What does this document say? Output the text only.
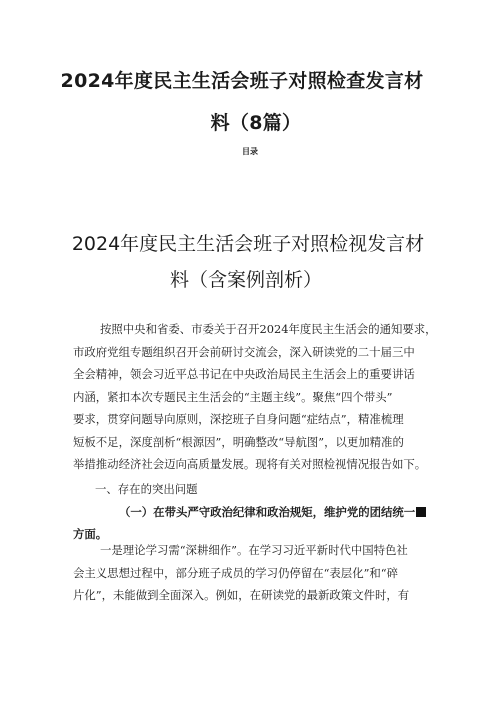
2024年度民主生活会班子对照检查发言材
料（8篇）
目录
2024年度民主生活会班子对照检视发言材
料（含案例剖析）

按照中央和省委、市委关于召开2024年度民主生活会的通知要求，
市政府党组专题组织召开会前研讨交流会，深入研读党的二十届三中
全会精神，领会习近平总书记在中央政治局民主生活会上的重要讲话
内涵，紧扣本次专题民主生活会的“主题主线”。聚焦“四个带头”
要求，贯穿问题导向原则，深挖班子自身问题“症结点”，精准梳理
短板不足，深度剖析“根源因”，明确整改“导航图”，以更加精准的
举措推动经济社会迈向高质量发展。现将有关对照检视情况报告如下。

一、存在的突出问题
（一）在带头严守政治纪律和政治规矩，维护党的团结统一
方面。

一是理论学习需“深耕细作”。在学习习近平新时代中国特色社
会主义思想过程中，部分班子成员的学习仍停留在“表层化”和“碎
片化”，未能做到全面深入。例如，在研读党的最新政策文件时，有
